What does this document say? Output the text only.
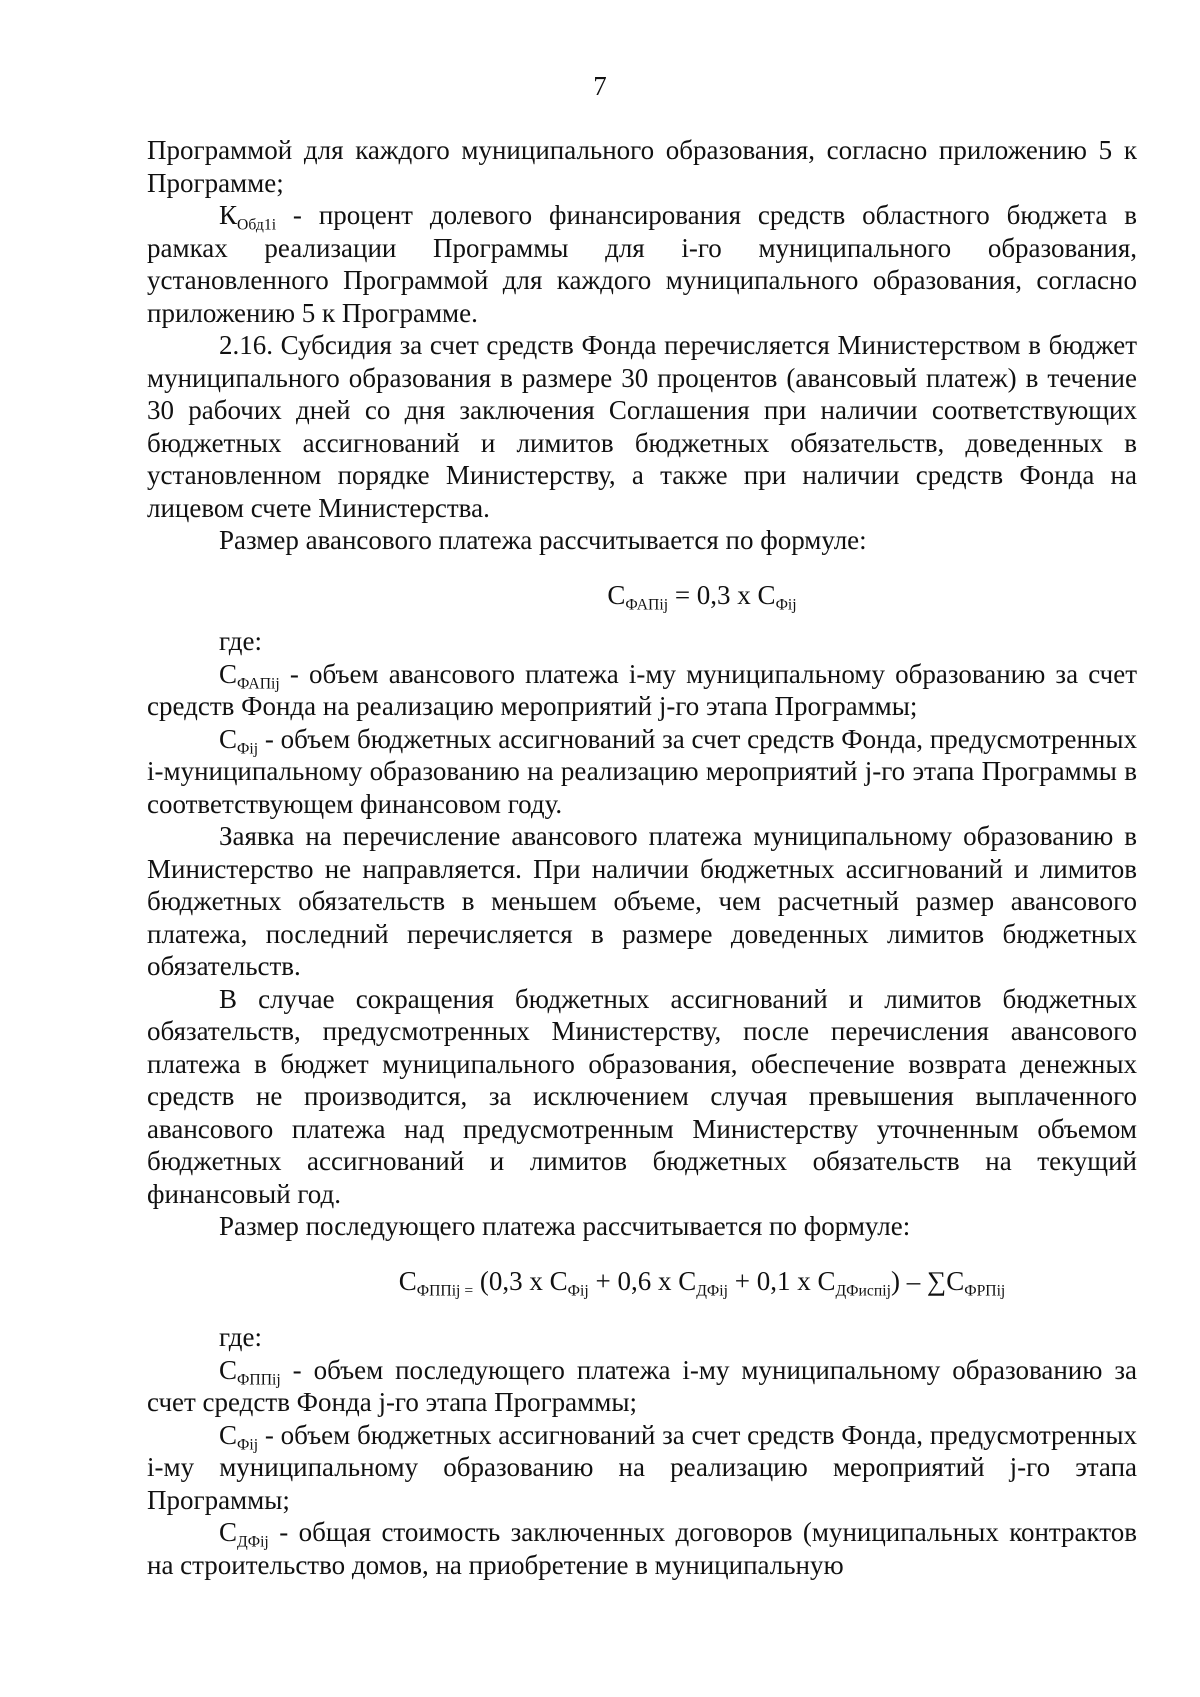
7

Программой для каждого муниципального образования, согласно приложению 5 к Программе;

$К_{Обд1i}$ - процент долевого финансирования средств областного бюджета в рамках реализации Программы для i-го муниципального образования, установленного Программой для каждого муниципального образования, согласно приложению 5 к Программе.

2.16. Субсидия за счет средств Фонда перечисляется Министерством в бюджет муниципального образования в размере 30 процентов (авансовый платеж) в течение 30 рабочих дней со дня заключения Соглашения при наличии соответствующих бюджетных ассигнований и лимитов бюджетных обязательств, доведенных в установленном порядке Министерству, а также при наличии средств Фонда на лицевом счете Министерства.

Размер авансового платежа рассчитывается по формуле:

$С_{ФАПij} = 0,3$ х $С_{Фij}$

где:

$С_{ФАПij}$ - объем авансового платежа i-му муниципальному образованию за счет средств Фонда на реализацию мероприятий j-го этапа Программы;

$С_{Фij}$ - объем бюджетных ассигнований за счет средств Фонда, предусмотренных i-муниципальному образованию на реализацию мероприятий j-го этапа Программы в соответствующем финансовом году.

Заявка на перечисление авансового платежа муниципальному образованию в Министерство не направляется. При наличии бюджетных ассигнований и лимитов бюджетных обязательств в меньшем объеме, чем расчетный размер авансового платежа, последний перечисляется в размере доведенных лимитов бюджетных обязательств.

В случае сокращения бюджетных ассигнований и лимитов бюджетных обязательств, предусмотренных Министерству, после перечисления авансового платежа в бюджет муниципального образования, обеспечение возврата денежных средств не производится, за исключением случая превышения выплаченного авансового платежа над предусмотренным Министерству уточненным объемом бюджетных ассигнований и лимитов бюджетных обязательств на текущий финансовый год.

Размер последующего платежа рассчитывается по формуле:

$С_{ФППij =}$ (0,3 х $С_{Фij} + 0,6$ х $С_{ДФij} + 0,1$ х $С_{ДФиспij}) - \sum С_{ФРПij}$

где:

$С_{ФППij}$ - объем последующего платежа i-му муниципальному образованию за счет средств Фонда j-го этапа Программы;

$С_{Фij}$ - объем бюджетных ассигнований за счет средств Фонда, предусмотренных i-му муниципальному образованию на реализацию мероприятий j-го этапа Программы;

$С_{ДФij}$ - общая стоимость заключенных договоров (муниципальных контрактов на строительство домов, на приобретение в муниципальную
